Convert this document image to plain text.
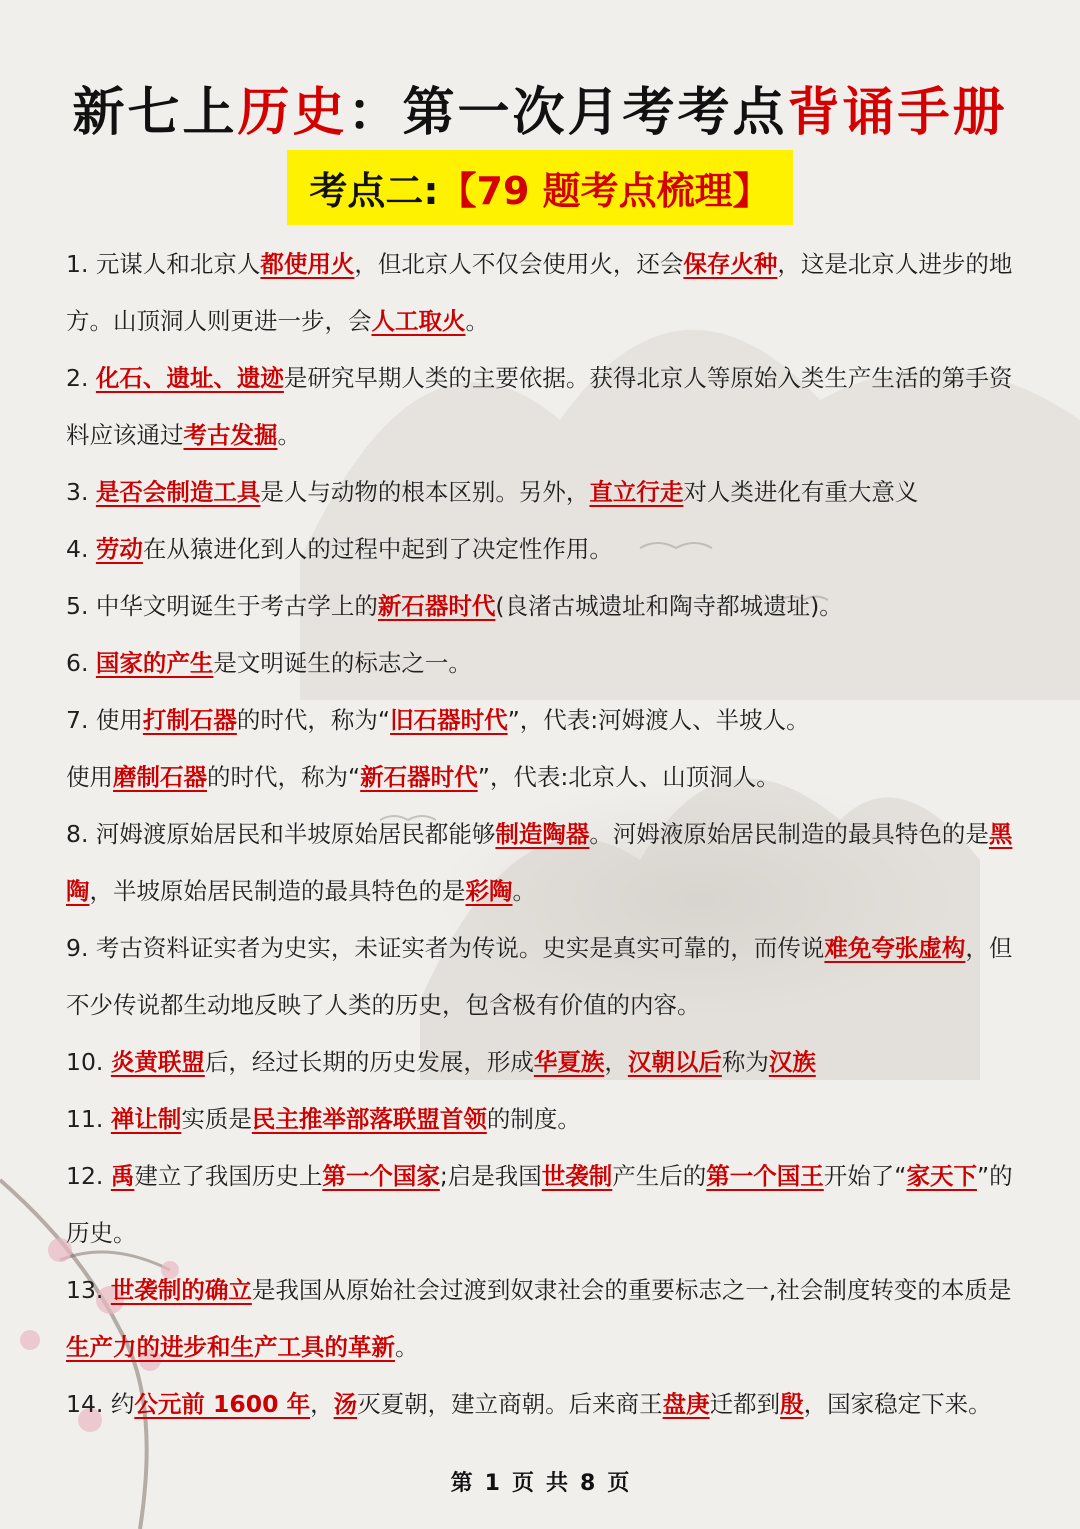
新七上历史：第一次月考考点背诵手册
考点二:【79 题考点梳理】

1. 元谋人和北京人都使用火，但北京人不仅会使用火，还会保存火种，这是北京人进步的地方。山顶洞人则更进一步，会人工取火。

2. 化石、遗址、遗迹是研究早期人类的主要依据。获得北京人等原始入类生产生活的第手资料应该通过考古发掘。

3. 是否会制造工具是人与动物的根本区别。另外，直立行走对人类进化有重大意义

4. 劳动在从猿进化到人的过程中起到了决定性作用。

5. 中华文明诞生于考古学上的新石器时代(良渚古城遗址和陶寺都城遗址)。

6. 国家的产生是文明诞生的标志之一。

7. 使用打制石器的时代，称为“旧石器时代”，代表:河姆渡人、半坡人。

使用磨制石器的时代，称为“新石器时代”，代表:北京人、山顶洞人。

8. 河姆渡原始居民和半坡原始居民都能够制造陶器。河姆液原始居民制造的最具特色的是黑陶，半坡原始居民制造的最具特色的是彩陶。

9. 考古资料证实者为史实，未证实者为传说。史实是真实可靠的，而传说难免夸张虚构，但不少传说都生动地反映了人类的历史，包含极有价值的内容。

10. 炎黄联盟后，经过长期的历史发展，形成华夏族，汉朝以后称为汉族

11. 禅让制实质是民主推举部落联盟首领的制度。

12. 禹建立了我国历史上第一个国家;启是我国世袭制产生后的第一个国王开始了“家天下”的历史。

13. 世袭制的确立是我国从原始社会过渡到奴隶社会的重要标志之一,社会制度转变的本质是生产力的进步和生产工具的革新。

14. 约公元前 1600 年，汤灭夏朝，建立商朝。后来商王盘庚迁都到殷，国家稳定下来。

第 1 页 共 8 页
